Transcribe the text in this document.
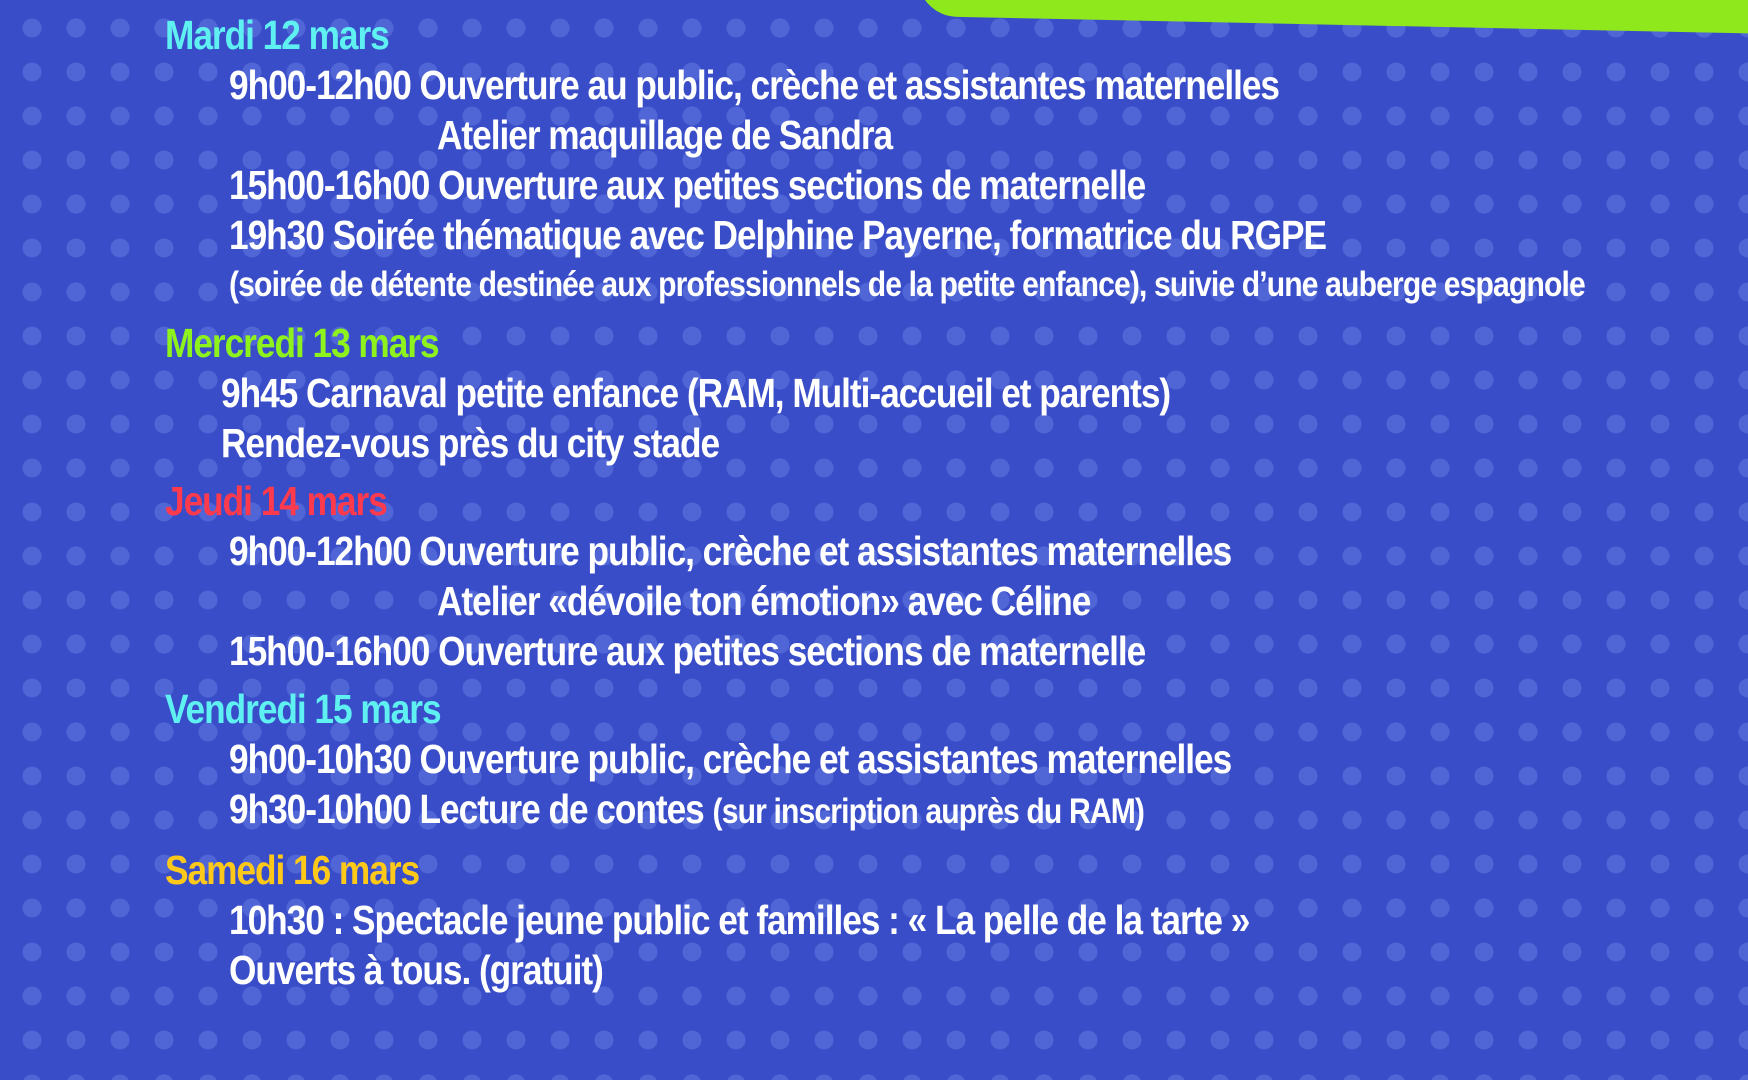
Mardi 12 mars
9h00-12h00 Ouverture au public, crèche et assistantes maternelles
Atelier maquillage de Sandra
15h00-16h00 Ouverture aux petites sections de maternelle
19h30 Soirée thématique avec Delphine Payerne, formatrice du RGPE
(soirée de détente destinée aux professionnels de la petite enfance), suivie d’une auberge espagnole
Mercredi 13 mars
9h45 Carnaval petite enfance (RAM, Multi-accueil et parents)
Rendez-vous près du city stade
Jeudi 14 mars
9h00-12h00 Ouverture public, crèche et assistantes maternelles
Atelier «dévoile ton émotion» avec Céline
15h00-16h00 Ouverture aux petites sections de maternelle
Vendredi 15 mars
9h00-10h30 Ouverture public, crèche et assistantes maternelles
9h30-10h00 Lecture de contes (sur inscription auprès du RAM)
Samedi 16 mars
10h30 : Spectacle jeune public et familles : « La pelle de la tarte »
Ouverts à tous. (gratuit)
